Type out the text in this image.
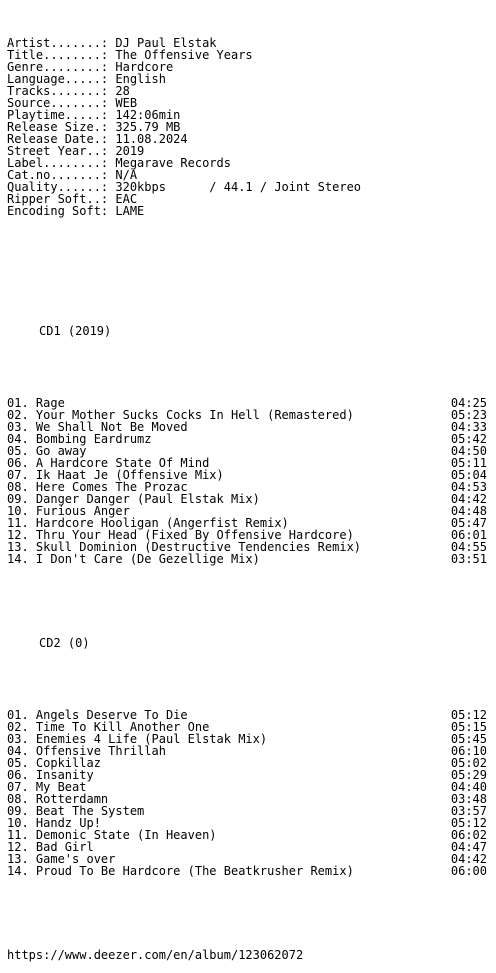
Artist.......: DJ Paul Elstak
Title........: The Offensive Years
Genre........: Hardcore
Language.....: English
Tracks.......: 28
Source.......: WEB
Playtime.....: 142:06min
Release Size.: 325.79 MB
Release Date.: 11.08.2024
Street Year..: 2019
Label........: Megarave Records
Cat.no.......: N/A
Quality......: 320kbps      / 44.1 / Joint Stereo
Ripper Soft..: EAC
Encoding Soft: LAME

CD1 (2019)

01. Rage	04:25
02. Your Mother Sucks Cocks In Hell (Remastered)	05:23
03. We Shall Not Be Moved	04:33
04. Bombing Eardrumz	05:42
05. Go away	04:50
06. A Hardcore State Of Mind	05:11
07. Ik Haat Je (Offensive Mix)	05:04
08. Here Comes The Prozac	04:53
09. Danger Danger (Paul Elstak Mix)	04:42
10. Furious Anger	04:48
11. Hardcore Hooligan (Angerfist Remix)	05:47
12. Thru Your Head (Fixed By Offensive Hardcore)	06:01
13. Skull Dominion (Destructive Tendencies Remix)	04:55
14. I Don't Care (De Gezellige Mix)	03:51

CD2 (0)

01. Angels Deserve To Die	05:12
02. Time To Kill Another One	05:15
03. Enemies 4 Life (Paul Elstak Mix)	05:45
04. Offensive Thrillah	06:10
05. Copkillaz	05:02
06. Insanity	05:29
07. My Beat	04:40
08. Rotterdamn	03:48
09. Beat The System	03:57
10. Handz Up!	05:12
11. Demonic State (In Heaven)	06:02
12. Bad Girl	04:47
13. Game's over	04:42
14. Proud To Be Hardcore (The Beatkrusher Remix)	06:00

https://www.deezer.com/en/album/123062072
